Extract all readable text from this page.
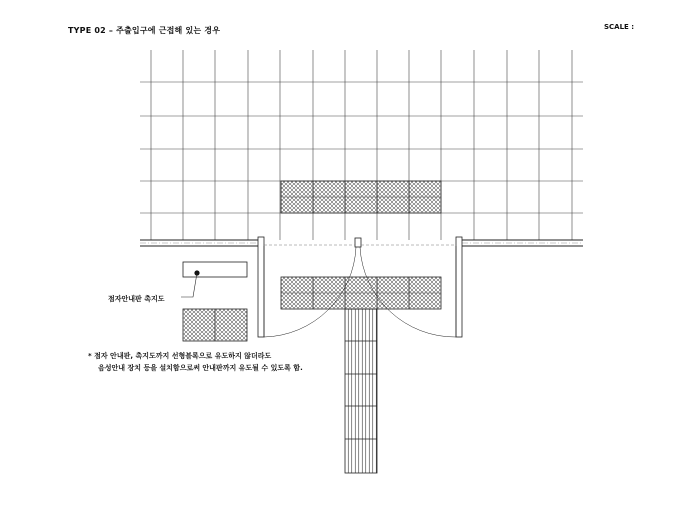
TYPE 02 – 주출입구에 근접해 있는 경우	SCALE :
점자안내판 촉지도
* 점자 안내판, 촉지도까지 선형블록으로 유도하지 않더라도
음성안내 장치 등을 설치함으로써 안내판까지 유도될 수 있도록 함.
